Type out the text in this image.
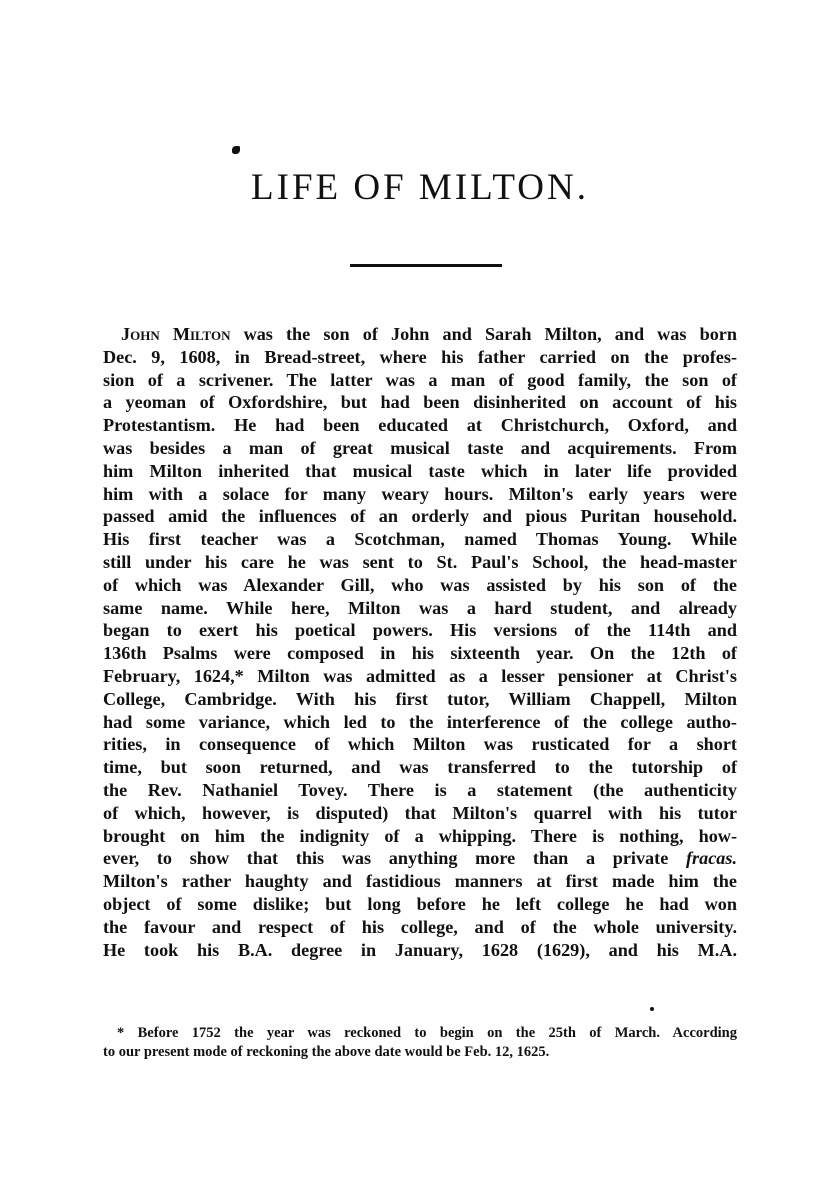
LIFE OF MILTON.
John Milton was the son of John and Sarah Milton, and was born
Dec. 9, 1608, in Bread-street, where his father carried on the profes-
sion of a scrivener. The latter was a man of good family, the son of
a yeoman of Oxfordshire, but had been disinherited on account of his
Protestantism. He had been educated at Christchurch, Oxford, and
was besides a man of great musical taste and acquirements. From
him Milton inherited that musical taste which in later life provided
him with a solace for many weary hours. Milton's early years were
passed amid the influences of an orderly and pious Puritan household.
His first teacher was a Scotchman, named Thomas Young. While
still under his care he was sent to St. Paul's School, the head-master
of which was Alexander Gill, who was assisted by his son of the
same name. While here, Milton was a hard student, and already
began to exert his poetical powers. His versions of the 114th and
136th Psalms were composed in his sixteenth year. On the 12th of
February, 1624,* Milton was admitted as a lesser pensioner at Christ's
College, Cambridge. With his first tutor, William Chappell, Milton
had some variance, which led to the interference of the college autho-
rities, in consequence of which Milton was rusticated for a short
time, but soon returned, and was transferred to the tutorship of
the Rev. Nathaniel Tovey. There is a statement (the authenticity
of which, however, is disputed) that Milton's quarrel with his tutor
brought on him the indignity of a whipping. There is nothing, how-
ever, to show that this was anything more than a private fracas.
Milton's rather haughty and fastidious manners at first made him the
object of some dislike; but long before he left college he had won
the favour and respect of his college, and of the whole university.
He took his B.A. degree in January, 1628 (1629), and his M.A.
* Before 1752 the year was reckoned to begin on the 25th of March. According
to our present mode of reckoning the above date would be Feb. 12, 1625.
